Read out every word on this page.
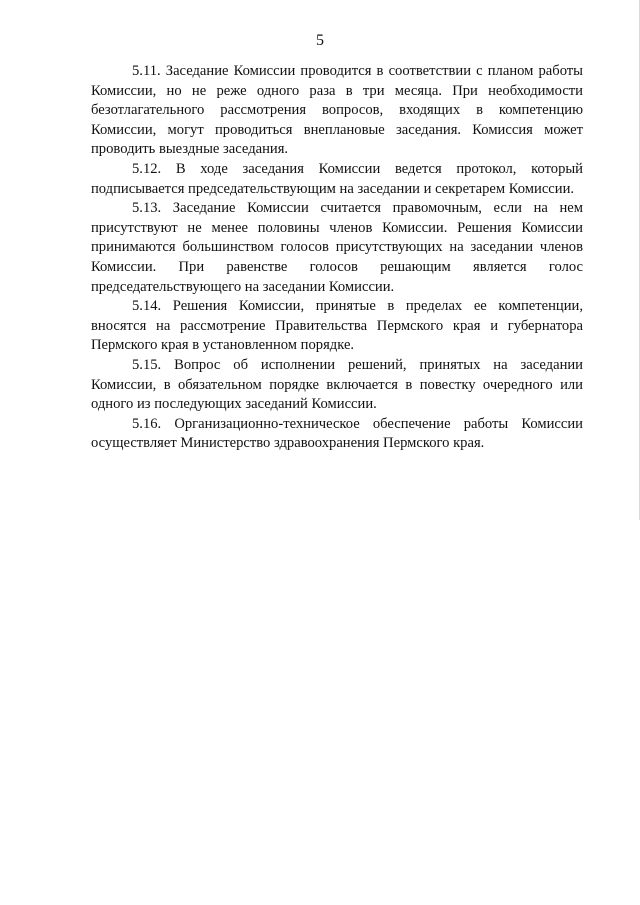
5

5.11. Заседание Комиссии проводится в соответствии с планом работы Комиссии, но не реже одного раза в три месяца. При необходимости безотлагательного рассмотрения вопросов, входящих в компетенцию Комиссии, могут проводиться внеплановые заседания. Комиссия может проводить выездные заседания.

5.12. В ходе заседания Комиссии ведется протокол, который подписывается председательствующим на заседании и секретарем Комиссии.

5.13. Заседание Комиссии считается правомочным, если на нем присутствуют не менее половины членов Комиссии. Решения Комиссии принимаются большинством голосов присутствующих на заседании членов Комиссии. При равенстве голосов решающим является голос председательствующего на заседании Комиссии.

5.14. Решения Комиссии, принятые в пределах ее компетенции, вносятся на рассмотрение Правительства Пермского края и губернатора Пермского края в установленном порядке.

5.15. Вопрос об исполнении решений, принятых на заседании Комиссии, в обязательном порядке включается в повестку очередного или одного из последующих заседаний Комиссии.

5.16. Организационно-техническое обеспечение работы Комиссии осуществляет Министерство здравоохранения Пермского края.
